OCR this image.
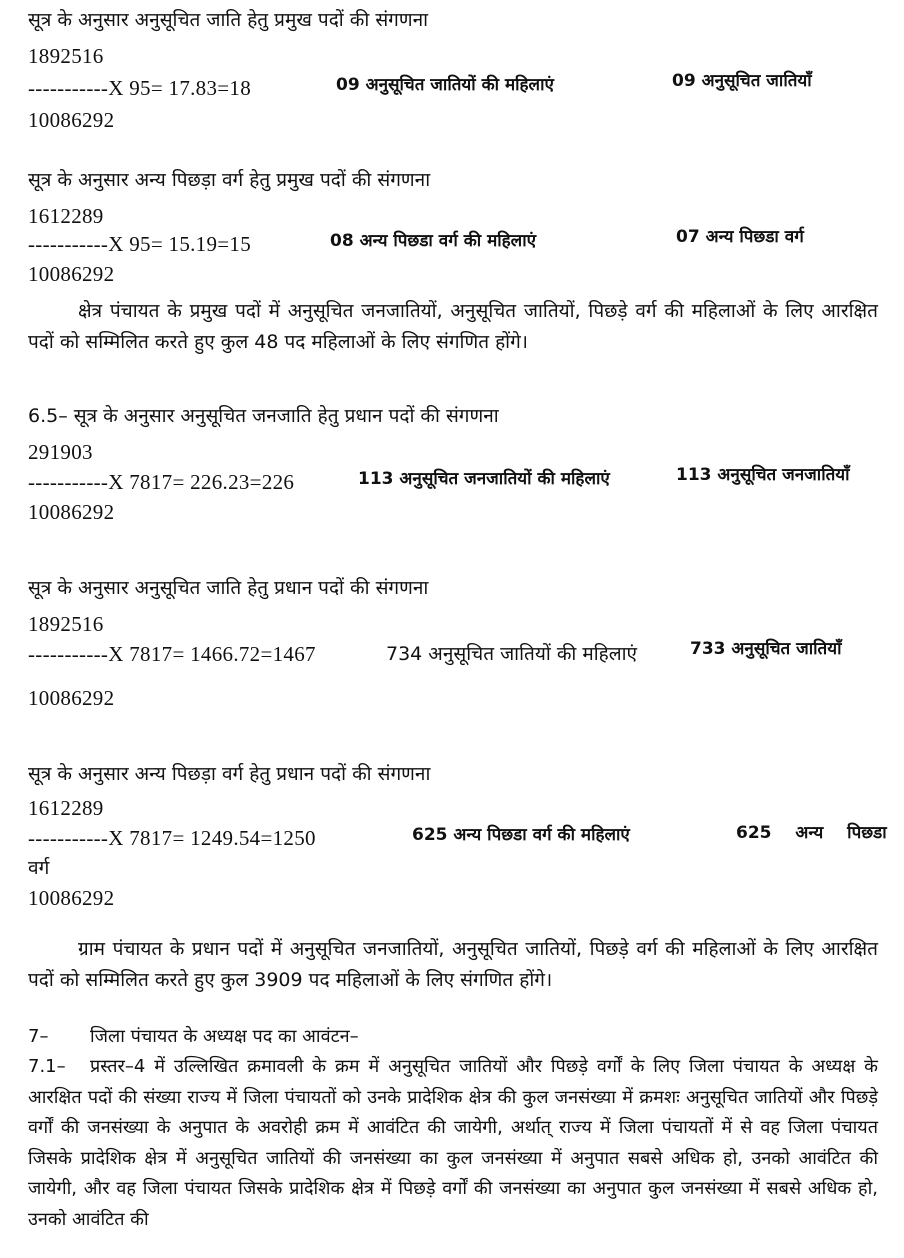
सूत्र के अनुसार अनुसूचित जाति हेतु प्रमुख पदों की संगणना
1892516
-----------X 95= 17.83=18	09 अनुसूचित जातियों की महिलाएं	09 अनुसूचित जातियाँ
10086292
सूत्र के अनुसार अन्य पिछड़ा वर्ग हेतु प्रमुख पदों की संगणना
1612289
-----------X 95= 15.19=15	08 अन्य पिछडा वर्ग की महिलाएं	07 अन्य पिछडा वर्ग
10086292
क्षेत्र पंचायत के प्रमुख पदों में अनुसूचित जनजातियों, अनुसूचित जातियों, पिछड़े वर्ग की महिलाओं के लिए आरक्षित पदों को सम्मिलित करते हुए कुल 48 पद महिलाओं के लिए संगणित होंगे।
6.5– सूत्र के अनुसार अनुसूचित जनजाति हेतु प्रधान पदों की संगणना
291903
-----------X 7817= 226.23=226	113 अनुसूचित जनजातियों की महिलाएं	113 अनुसूचित जनजातियाँ
10086292
सूत्र के अनुसार अनुसूचित जाति हेतु प्रधान पदों की संगणना
1892516
-----------X 7817= 1466.72=1467	734 अनुसूचित जातियों की महिलाएं	733 अनुसूचित जातियाँ
10086292
सूत्र के अनुसार अन्य पिछड़ा वर्ग हेतु प्रधान पदों की संगणना
1612289
-----------X 7817= 1249.54=1250	625 अन्य पिछडा वर्ग की महिलाएं	625 अन्य पिछडा
वर्ग
10086292
ग्राम पंचायत के प्रधान पदों में अनुसूचित जनजातियों, अनुसूचित जातियों, पिछड़े वर्ग की महिलाओं के लिए आरक्षित पदों को सम्मिलित करते हुए कुल 3909 पद महिलाओं के लिए संगणित होंगे।
7– जिला पंचायत के अध्यक्ष पद का आवंटन–
7.1– प्रस्तर–4 में उल्लिखित क्रमावली के क्रम में अनुसूचित जातियों और पिछड़े वर्गों के लिए जिला पंचायत के अध्यक्ष के आरक्षित पदों की संख्या राज्य में जिला पंचायतों को उनके प्रादेशिक क्षेत्र की कुल जनसंख्या में क्रमशः अनुसूचित जातियों और पिछड़े वर्गों की जनसंख्या के अनुपात के अवरोही क्रम में आवंटित की जायेगी, अर्थात् राज्य में जिला पंचायतों में से वह जिला पंचायत जिसके प्रादेशिक क्षेत्र में अनुसूचित जातियों की जनसंख्या का कुल जनसंख्या में अनुपात सबसे अधिक हो, उनको आवंटित की जायेगी, और वह जिला पंचायत जिसके प्रादेशिक क्षेत्र में पिछड़े वर्गों की जनसंख्या का अनुपात कुल जनसंख्या में सबसे अधिक हो, उनको आवंटित की
